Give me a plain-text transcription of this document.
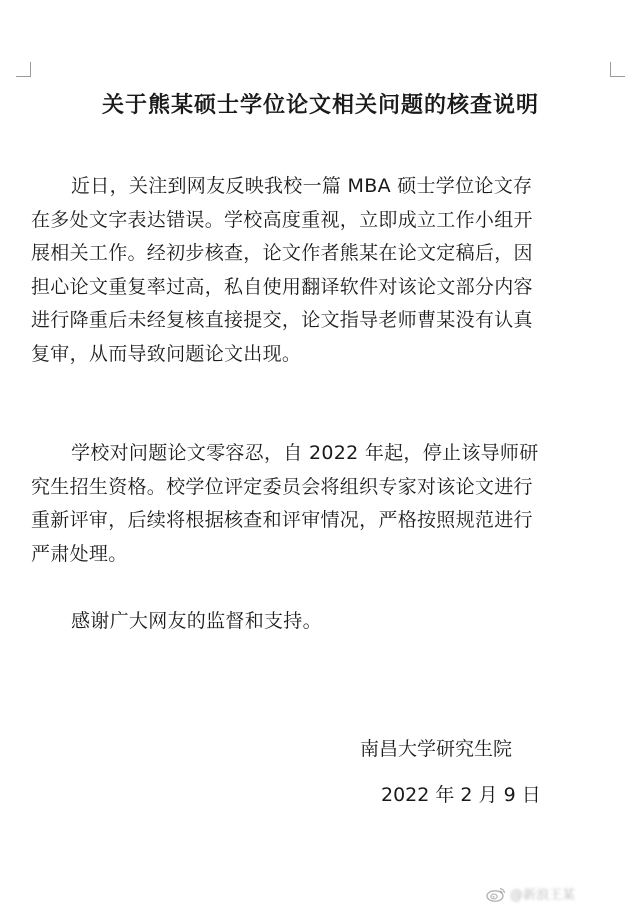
关于熊某硕士学位论文相关问题的核查说明

近日，关注到网友反映我校一篇 MBA 硕士学位论文存
在多处文字表达错误。学校高度重视，立即成立工作小组开
展相关工作。经初步核查，论文作者熊某在论文定稿后，因
担心论文重复率过高，私自使用翻译软件对该论文部分内容
进行降重后未经复核直接提交，论文指导老师曹某没有认真
复审，从而导致问题论文出现。

学校对问题论文零容忍，自 2022 年起，停止该导师研
究生招生资格。校学位评定委员会将组织专家对该论文进行
重新评审，后续将根据核查和评审情况，严格按照规范进行
严肃处理。

感谢广大网友的监督和支持。

南昌大学研究生院
2022 年 2 月 9 日
@新浪王某
